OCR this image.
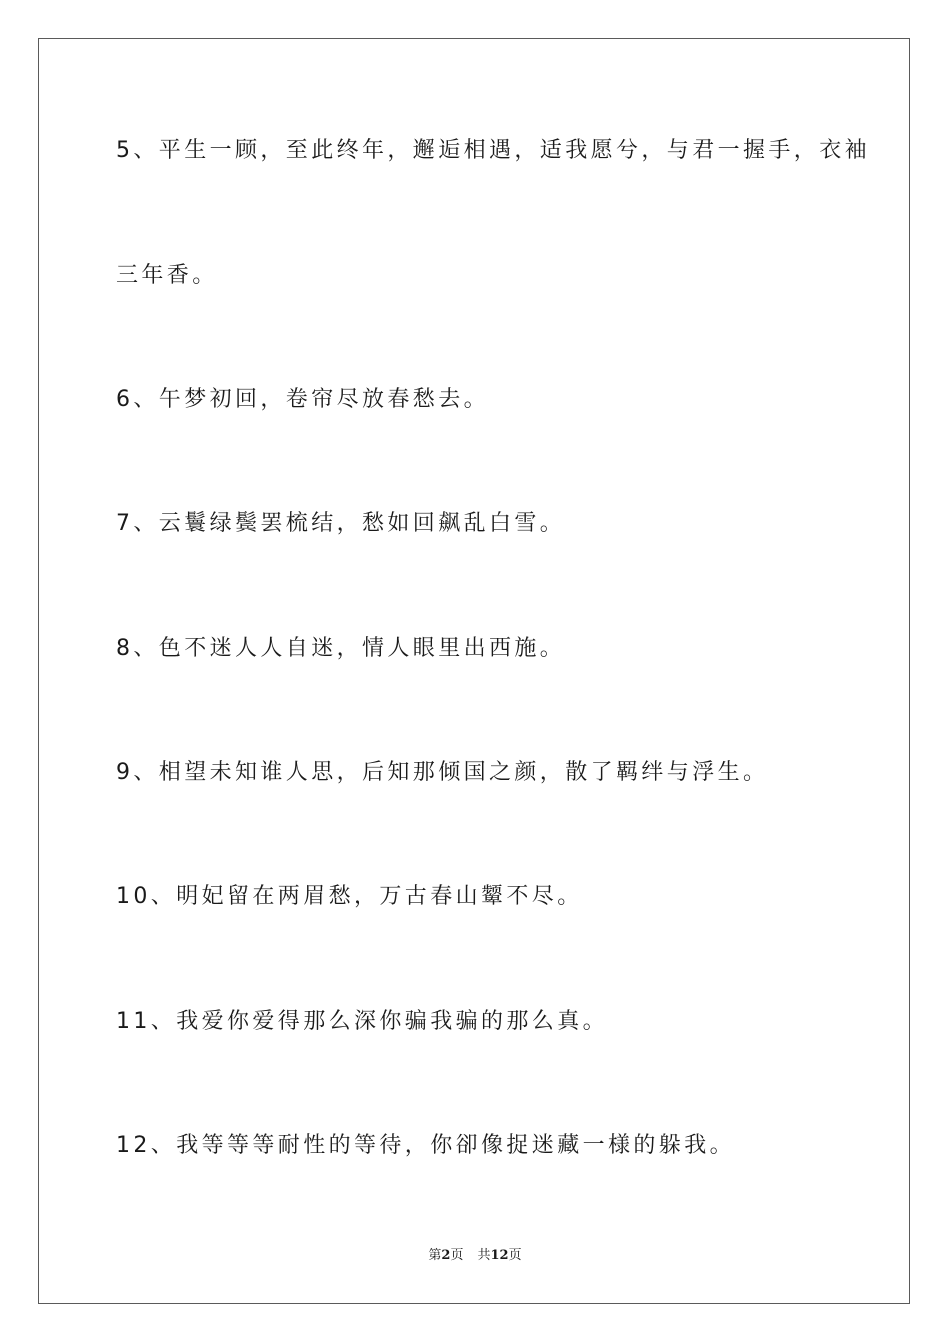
5、平生一顾，至此终年，邂逅相遇，适我愿兮，与君一握手，衣袖

三年香。

6、午梦初回，卷帘尽放春愁去。

7、云鬟绿鬓罢梳结，愁如回飙乱白雪。

8、色不迷人人自迷，情人眼里出西施。

9、相望未知谁人思，后知那倾国之颜，散了羁绊与浮生。

10、明妃留在两眉愁，万古春山颦不尽。

11、我爱你爱得那么深你骗我骗的那么真。

12、我等等等耐性的等待，你卻像捉迷藏一様的躲我。

第2页 共12页
